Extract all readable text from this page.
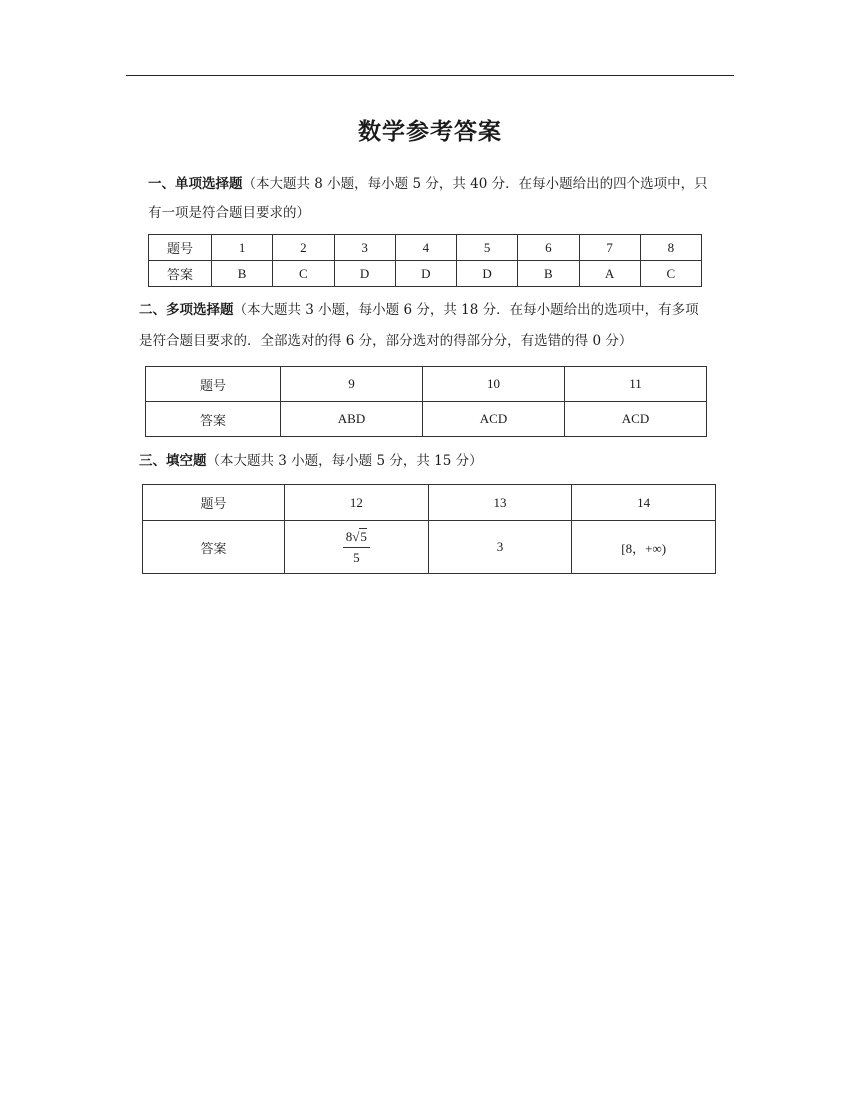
数学参考答案

一、单项选择题（本大题共 8 小题，每小题 5 分，共 40 分．在每小题给出的四个选项中，只

有一项是符合题目要求的）

题号	1	2	3	4	5	6	7	8
答案	B	C	D	D	D	B	A	C

二、多项选择题（本大题共 3 小题，每小题 6 分，共 18 分．在每小题给出的选项中，有多项

是符合题目要求的．全部选对的得 6 分，部分选对的得部分分，有选错的得 0 分）

题号	9	10	11
答案	ABD	ACD	ACD

三、填空题（本大题共 3 小题，每小题 5 分，共 15 分）

题号	12	13	14
答案	$\frac{8√5}{5}$	3	[8，+∞)
